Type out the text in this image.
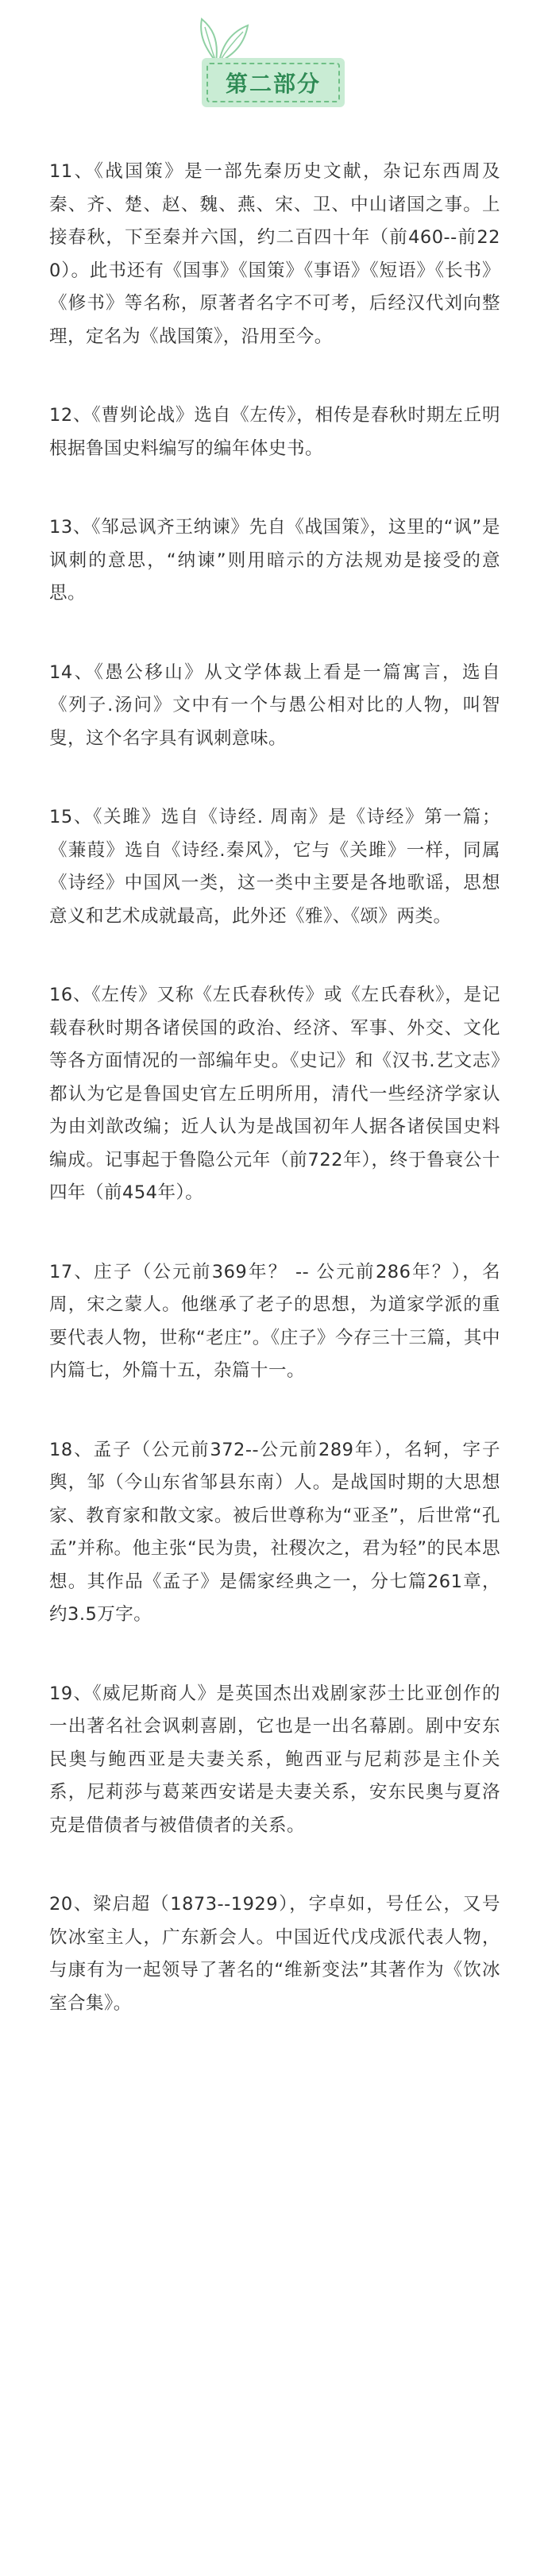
第二部分

11、《战国策》是一部先秦历史文献，杂记东西周及秦、齐、楚、赵、魏、燕、宋、卫、中山诸国之事。上接春秋，下至秦并六国，约二百四十年（前460--前220）。此书还有《国事》《国策》《事语》《短语》《长书》《修书》等名称，原著者名字不可考，后经汉代刘向整理，定名为《战国策》，沿用至今。

12、《曹刿论战》选自《左传》，相传是春秋时期左丘明根据鲁国史料编写的编年体史书。

13、《邹忌讽齐王纳谏》先自《战国策》，这里的“讽”是讽刺的意思，“纳谏”则用暗示的方法规劝是接受的意思。

14、《愚公移山》从文学体裁上看是一篇寓言，选自《列子.汤问》文中有一个与愚公相对比的人物，叫智叟，这个名字具有讽刺意味。

15、《关雎》选自《诗经. 周南》是《诗经》第一篇；《蒹葭》选自《诗经.秦风》，它与《关雎》一样，同属《诗经》中国风一类，这一类中主要是各地歌谣，思想意义和艺术成就最高，此外还《雅》、《颂》两类。

16、《左传》又称《左氏春秋传》或《左氏春秋》，是记载春秋时期各诸侯国的政治、经济、军事、外交、文化等各方面情况的一部编年史。《史记》和《汉书.艺文志》都认为它是鲁国史官左丘明所用，清代一些经济学家认为由刘歆改编；近人认为是战国初年人据各诸侯国史料编成。记事起于鲁隐公元年（前722年），终于鲁衰公十四年（前454年）。

17、庄子（公元前369年？ -- 公元前286年？），名周，宋之蒙人。他继承了老子的思想，为道家学派的重要代表人物，世称“老庄”。《庄子》今存三十三篇，其中内篇七，外篇十五，杂篇十一。

18、孟子（公元前372--公元前289年），名轲，字子舆，邹（今山东省邹县东南）人。是战国时期的大思想家、教育家和散文家。被后世尊称为“亚圣”，后世常“孔孟”并称。他主张“民为贵，社稷次之，君为轻”的民本思想。其作品《孟子》是儒家经典之一，分七篇261章，约3.5万字。

19、《威尼斯商人》是英国杰出戏剧家莎士比亚创作的一出著名社会讽刺喜剧，它也是一出名幕剧。剧中安东民奥与鲍西亚是夫妻关系，鲍西亚与尼莉莎是主仆关系，尼莉莎与葛莱西安诺是夫妻关系，安东民奥与夏洛克是借债者与被借债者的关系。

20、梁启超（1873--1929），字卓如，号任公，又号饮冰室主人，广东新会人。中国近代戊戌派代表人物，与康有为一起领导了著名的“维新变法”其著作为《饮冰室合集》。
